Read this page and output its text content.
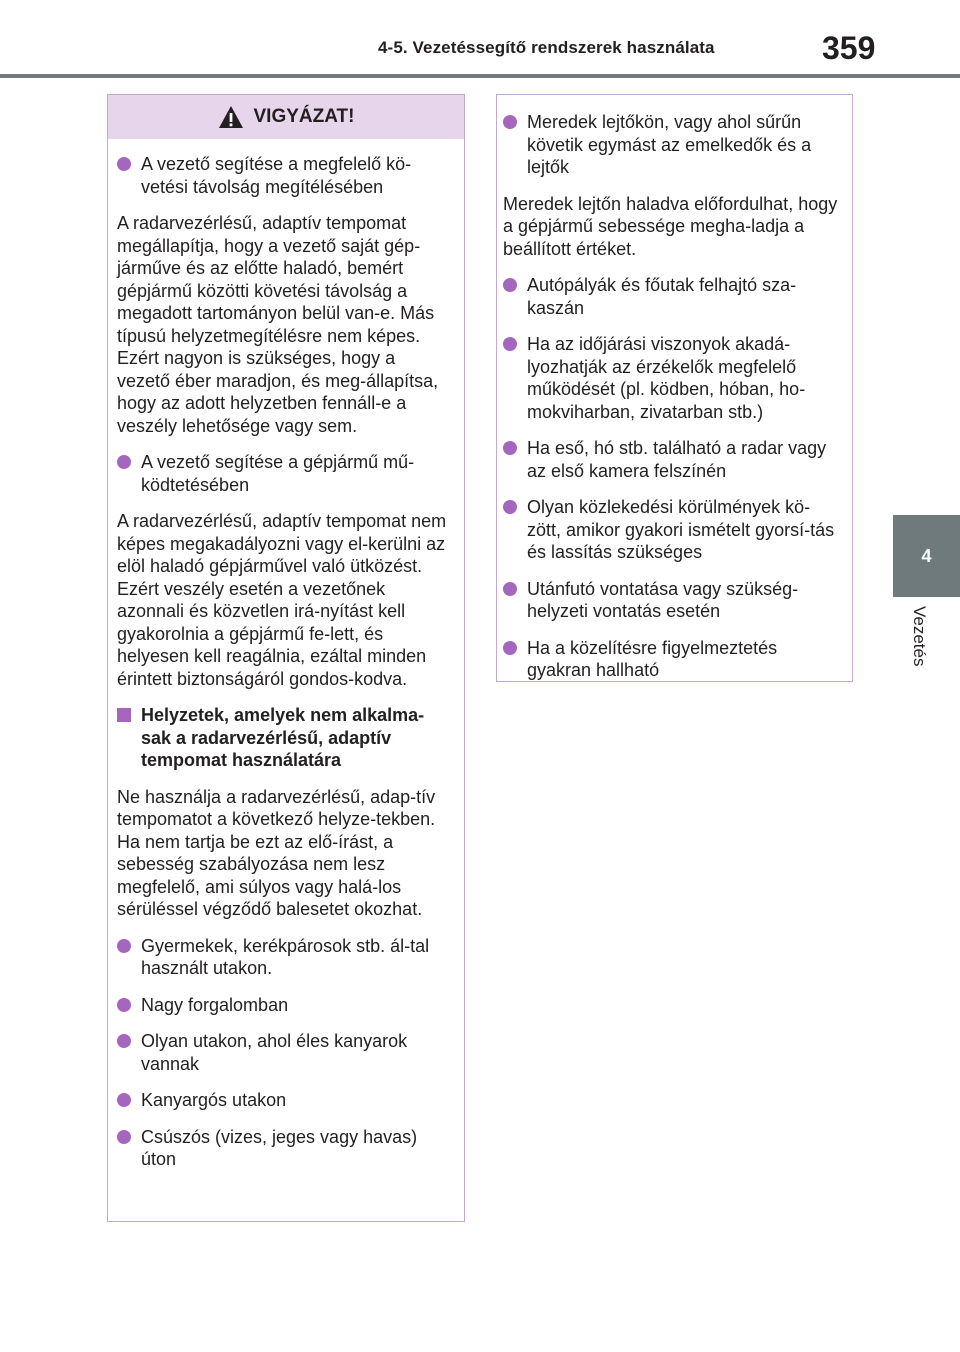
4-5. Vezetéssegítő rendszerek használata	359
4
Vezetés
VIGYÁZAT!
A vezető segítése a megfelelő kö-vetési távolság megítélésében
A radarvezérlésű, adaptív tempomat megállapítja, hogy a vezető saját gép-járműve és az előtte haladó, bemért gépjármű közötti követési távolság a megadott tartományon belül van-e. Más típusú helyzetmegítélésre nem képes. Ezért nagyon is szükséges, hogy a vezető éber maradjon, és meg-állapítsa, hogy az adott helyzetben fennáll-e a veszély lehetősége vagy sem.
A vezető segítése a gépjármű mű-ködtetésében
A radarvezérlésű, adaptív tempomat nem képes megakadályozni vagy el-kerülni az elöl haladó gépjárművel való ütközést. Ezért veszély esetén a vezetőnek azonnali és közvetlen irá-nyítást kell gyakorolnia a gépjármű fe-lett, és helyesen kell reagálnia, ezáltal minden érintett biztonságáról gondos-kodva.
Helyzetek, amelyek nem alkalma-sak a radarvezérlésű, adaptív tempomat használatára
Ne használja a radarvezérlésű, adap-tív tempomatot a következő helyze-tekben. Ha nem tartja be ezt az elő-írást, a sebesség szabályozása nem lesz megfelelő, ami súlyos vagy halá-los sérüléssel végződő balesetet okozhat.
Gyermekek, kerékpárosok stb. ál-tal használt utakon.
Nagy forgalomban
Olyan utakon, ahol éles kanyarok vannak
Kanyargós utakon
Csúszós (vizes, jeges vagy havas) úton
Meredek lejtőkön, vagy ahol sűrűn követik egymást az emelkedők és a lejtők
Meredek lejtőn haladva előfordulhat, hogy a gépjármű sebessége megha-ladja a beállított értéket.
Autópályák és főutak felhajtó sza-kaszán
Ha az időjárási viszonyok akadá-lyozhatják az érzékelők megfelelő működését (pl. ködben, hóban, ho-mokviharban, zivatarban stb.)
Ha eső, hó stb. található a radar vagy az első kamera felszínén
Olyan közlekedési körülmények kö-zött, amikor gyakori ismételt gyorsí-tás és lassítás szükséges
Utánfutó vontatása vagy szükség-helyzeti vontatás esetén
Ha a közelítésre figyelmeztetés gyakran hallható
